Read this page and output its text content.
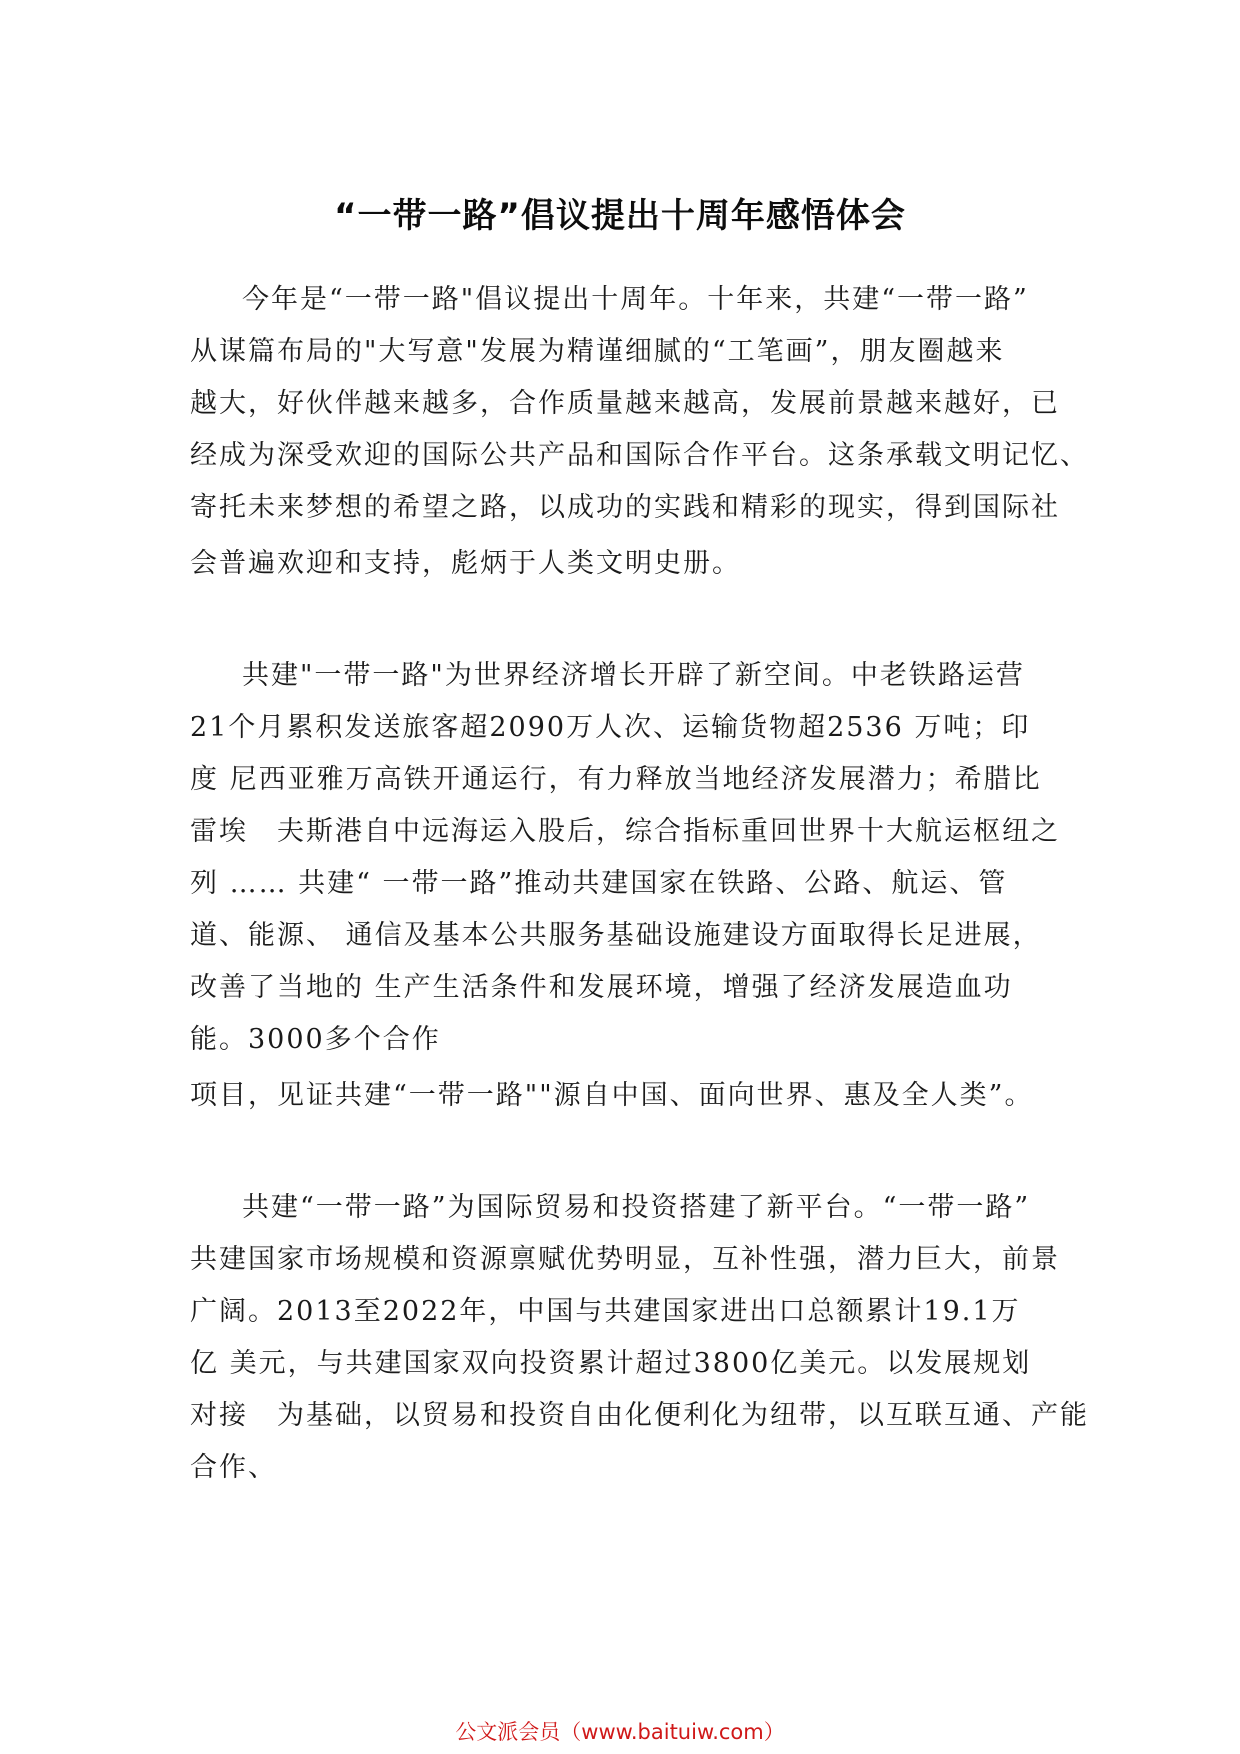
“一带一路”倡议提出十周年感悟体会
今年是“一带一路"倡议提出十周年。十年来，共建“一带一路”
从谋篇布局的"大写意"发展为精谨细腻的“工笔画”，朋友圈越来
越大，好伙伴越来越多，合作质量越来越高，发展前景越来越好，已
经成为深受欢迎的国际公共产品和国际合作平台。这条承载文明记忆、
寄托未来梦想的希望之路，以成功的实践和精彩的现实，得到国际社
会普遍欢迎和支持，彪炳于人类文明史册。
共建"一带一路"为世界经济增长开辟了新空间。中老铁路运营
21个月累积发送旅客超2090万人次、运输货物超2536 万吨；印
度 尼西亚雅万高铁开通运行，有力释放当地经济发展潜力；希腊比
雷埃　夫斯港自中远海运入股后，综合指标重回世界十大航运枢纽之
列 …… 共建“ 一带一路”推动共建国家在铁路、公路、航运、管
道、能源、 通信及基本公共服务基础设施建设方面取得长足进展，
改善了当地的 生产生活条件和发展环境，增强了经济发展造血功
能。3000多个合作
项目，见证共建“一带一路""源自中国、面向世界、惠及全人类”。
共建“一带一路”为国际贸易和投资搭建了新平台。“一带一路”
共建国家市场规模和资源禀赋优势明显，互补性强，潜力巨大，前景
广阔。2013至2022年，中国与共建国家进出口总额累计19.1万
亿 美元，与共建国家双向投资累计超过3800亿美元。以发展规划
对接　为基础，以贸易和投资自由化便利化为纽带，以互联互通、产能
合作、
公文派会员（www.baituiw.com）
